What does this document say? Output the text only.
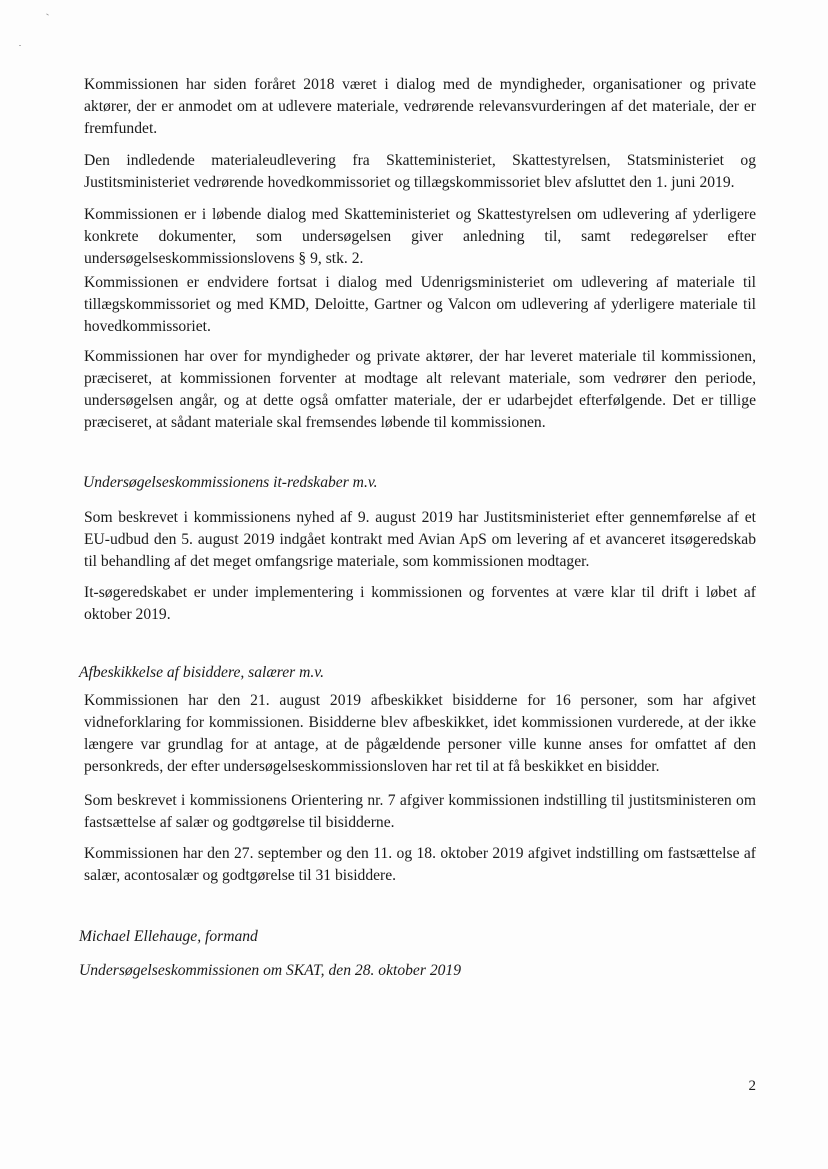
Kommissionen har siden foråret 2018 været i dialog med de myndigheder, organisationer og private aktører, der er anmodet om at udlevere materiale, vedrørende relevansvurderingen af det materiale, der er fremfundet.

Den indledende materialeudlevering fra Skatteministeriet, Skattestyrelsen, Statsministeriet og Justitsministeriet vedrørende hovedkommissoriet og tillægskommissoriet blev afsluttet den 1. juni 2019.

Kommissionen er i løbende dialog med Skatteministeriet og Skattestyrelsen om udlevering af yderligere konkrete dokumenter, som undersøgelsen giver anledning til, samt redegørelser efter undersøgelseskommissionslovens § 9, stk. 2.

Kommissionen er endvidere fortsat i dialog med Udenrigsministeriet om udlevering af materiale til tillægskommissoriet og med KMD, Deloitte, Gartner og Valcon om udlevering af yderligere materiale til hovedkommissoriet.

Kommissionen har over for myndigheder og private aktører, der har leveret materiale til kommissionen, præciseret, at kommissionen forventer at modtage alt relevant materiale, som vedrører den periode, undersøgelsen angår, og at dette også omfatter materiale, der er udarbejdet efterfølgende. Det er tillige præciseret, at sådant materiale skal fremsendes løbende til kommissionen.

Undersøgelseskommissionens it-redskaber m.v.

Som beskrevet i kommissionens nyhed af 9. august 2019 har Justitsministeriet efter gennemførelse af et EU-udbud den 5. august 2019 indgået kontrakt med Avian ApS om levering af et avanceret itsøgeredskab til behandling af det meget omfangsrige materiale, som kommissionen modtager.

It-søgeredskabet er under implementering i kommissionen og forventes at være klar til drift i løbet af oktober 2019.

Afbeskikkelse af bisiddere, salærer m.v.

Kommissionen har den 21. august 2019 afbeskikket bisidderne for 16 personer, som har afgivet vidneforklaring for kommissionen. Bisidderne blev afbeskikket, idet kommissionen vurderede, at der ikke længere var grundlag for at antage, at de pågældende personer ville kunne anses for omfattet af den personkreds, der efter undersøgelseskommissionsloven har ret til at få beskikket en bisidder.

Som beskrevet i kommissionens Orientering nr. 7 afgiver kommissionen indstilling til justitsministeren om fastsættelse af salær og godtgørelse til bisidderne.

Kommissionen har den 27. september og den 11. og 18. oktober 2019 afgivet indstilling om fastsættelse af salær, acontosalær og godtgørelse til 31 bisiddere.

Michael Ellehauge, formand

Undersøgelseskommissionen om SKAT, den 28. oktober 2019

2
